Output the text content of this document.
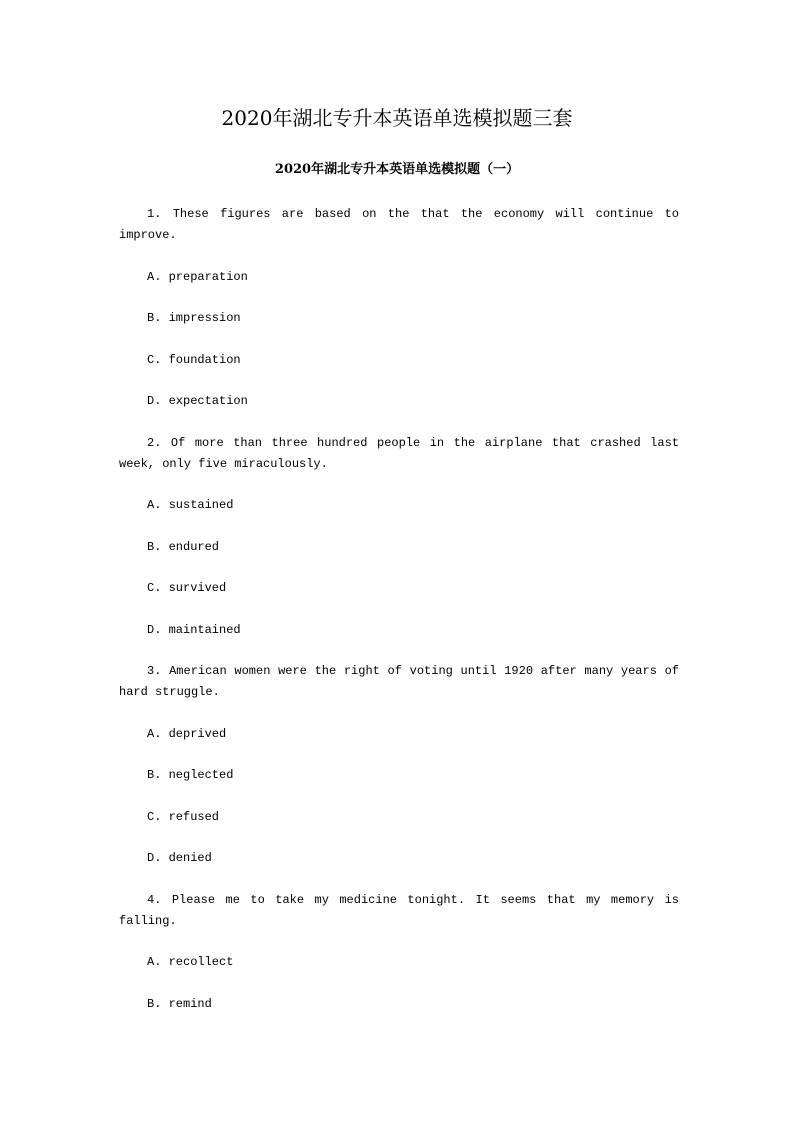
2020年湖北专升本英语单选模拟题三套
2020年湖北专升本英语单选模拟题（一）

1. These figures are based on the that the economy will continue to improve.

A. preparation
B. impression
C. foundation
D. expectation

2. Of more than three hundred people in the airplane that crashed last week, only five miraculously.

A. sustained
B. endured
C. survived
D. maintained

3. American women were the right of voting until 1920 after many years of hard struggle.

A. deprived
B. neglected
C. refused
D. denied

4. Please me to take my medicine tonight. It seems that my memory is falling.

A. recollect
B. remind
